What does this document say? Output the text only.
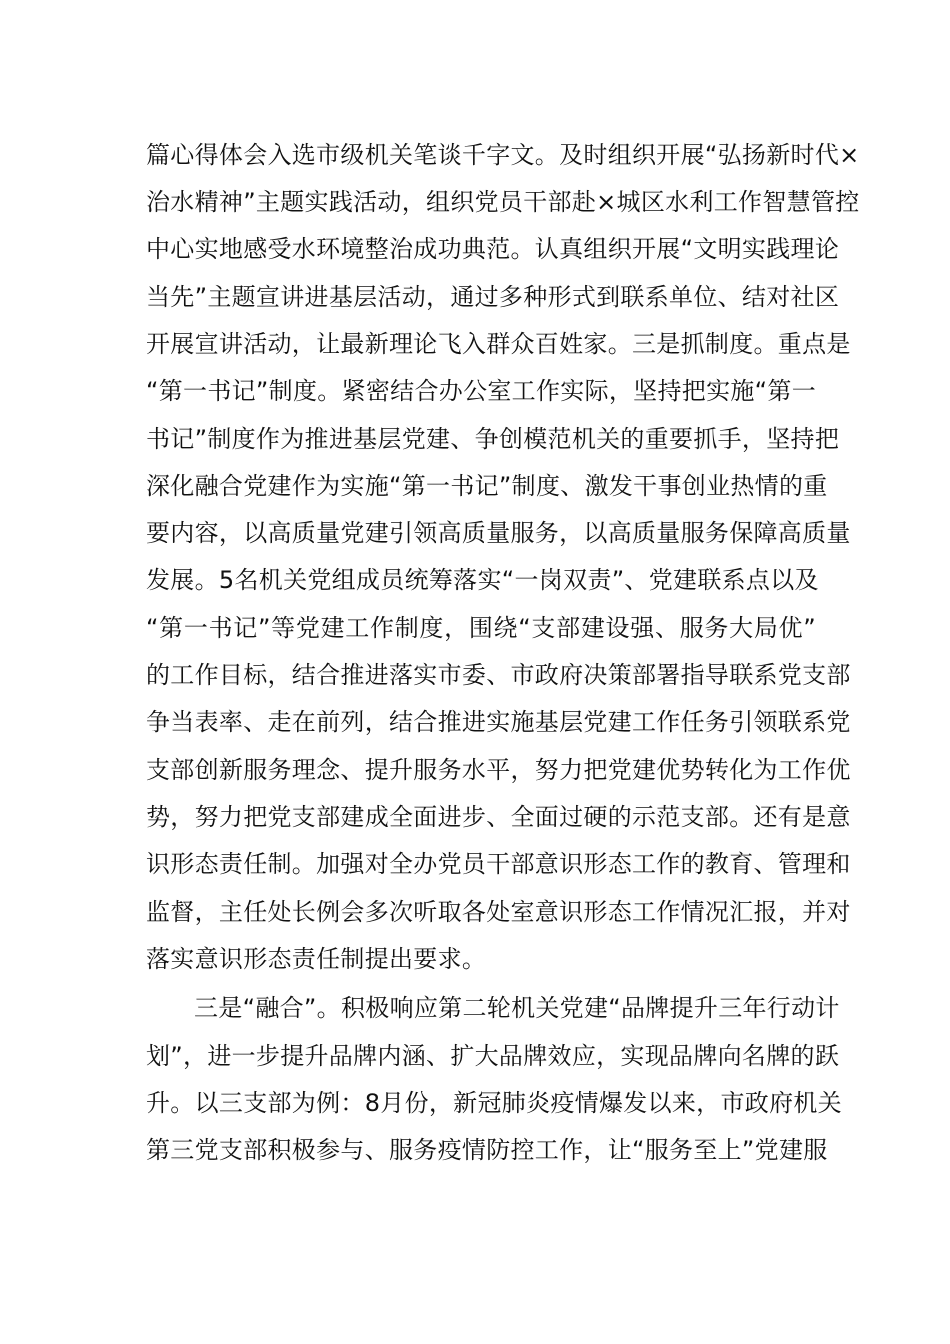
篇心得体会入选市级机关笔谈千字文。及时组织开展“弘扬新时代×
治水精神”主题实践活动，组织党员干部赴×城区水利工作智慧管控
中心实地感受水环境整治成功典范。认真组织开展“文明实践理论
当先”主题宣讲进基层活动，通过多种形式到联系单位、结对社区
开展宣讲活动，让最新理论飞入群众百姓家。三是抓制度。重点是
“第一书记”制度。紧密结合办公室工作实际，坚持把实施“第一
书记”制度作为推进基层党建、争创模范机关的重要抓手，坚持把
深化融合党建作为实施“第一书记”制度、激发干事创业热情的重
要内容，以高质量党建引领高质量服务，以高质量服务保障高质量
发展。5名机关党组成员统筹落实“一岗双责”、党建联系点以及
“第一书记”等党建工作制度，围绕“支部建设强、服务大局优”
的工作目标，结合推进落实市委、市政府决策部署指导联系党支部
争当表率、走在前列，结合推进实施基层党建工作任务引领联系党
支部创新服务理念、提升服务水平，努力把党建优势转化为工作优
势，努力把党支部建成全面进步、全面过硬的示范支部。还有是意
识形态责任制。加强对全办党员干部意识形态工作的教育、管理和
监督，主任处长例会多次听取各处室意识形态工作情况汇报，并对
落实意识形态责任制提出要求。
三是“融合”。积极响应第二轮机关党建“品牌提升三年行动计
划”，进一步提升品牌内涵、扩大品牌效应，实现品牌向名牌的跃
升。以三支部为例：8月份，新冠肺炎疫情爆发以来，市政府机关
第三党支部积极参与、服务疫情防控工作，让“服务至上”党建服
